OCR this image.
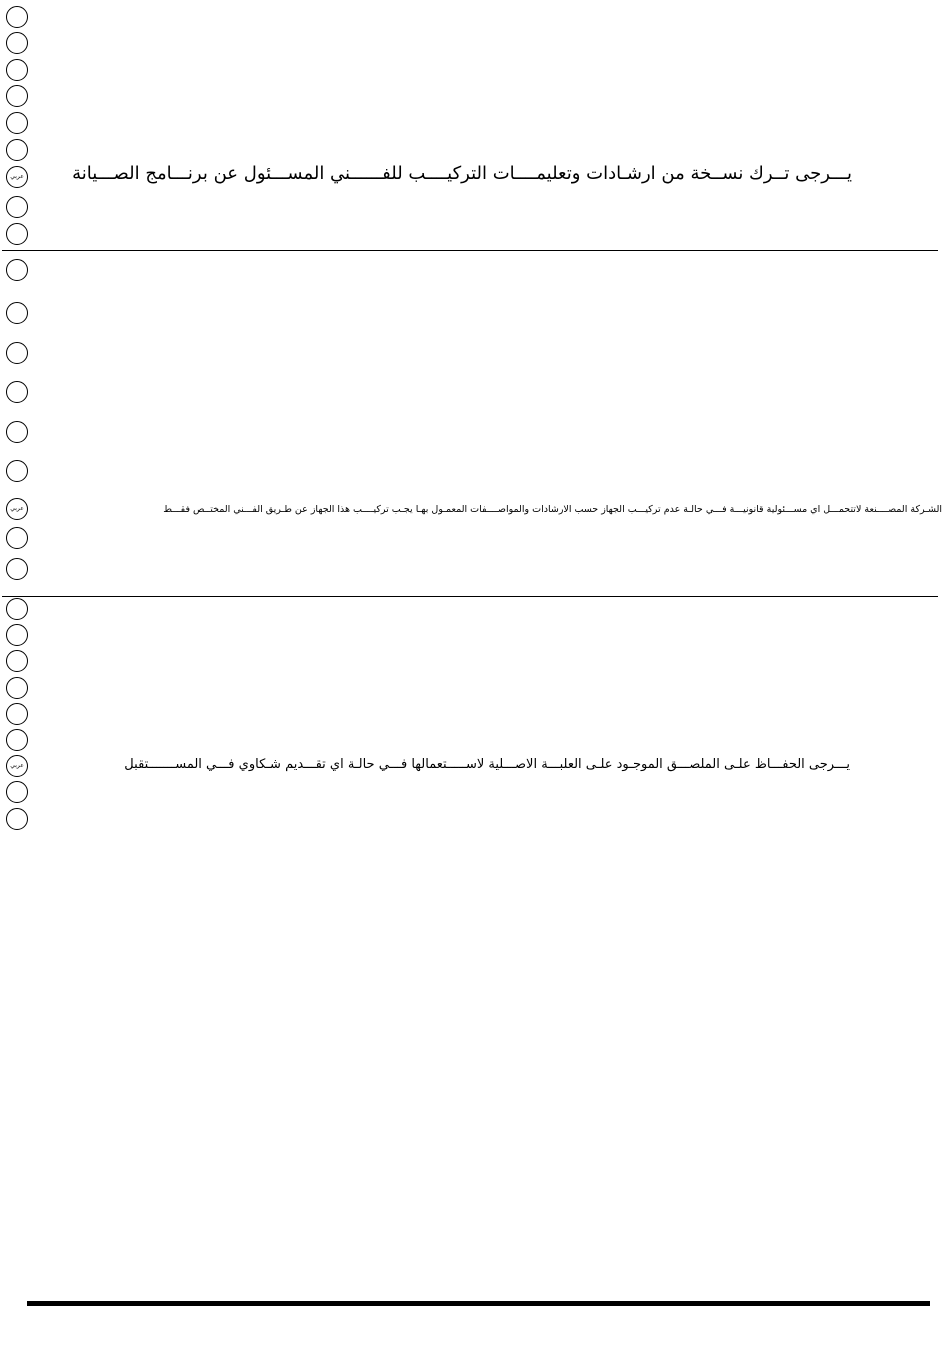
عربي	يـــرجى تــرك نســخة من ارشـادات وتعليمــــات التركيــــب للفــــــني المســـئول عن برنـــامج الصـــيانة
عربي	الشـركة المصــــنعة لاتتحمـــل اي مســـئولية قانونيـــة فـــي حالـة عدم تركيـــب الجهاز حسب الارشادات والمواصــــفات المعمـول بهـا يجـب تركيــــب هذا الجهاز عن طـريق الفـــني المختــص فقـــط
عربي	يـــرجى الحفـــاظ علـى الملصـــق الموجـود علـى العلبـــة الاصـــلية لاســـــتعمالها فـــي حالـة اي تقـــديم شـكاوي فـــي المســـــــتقبل
